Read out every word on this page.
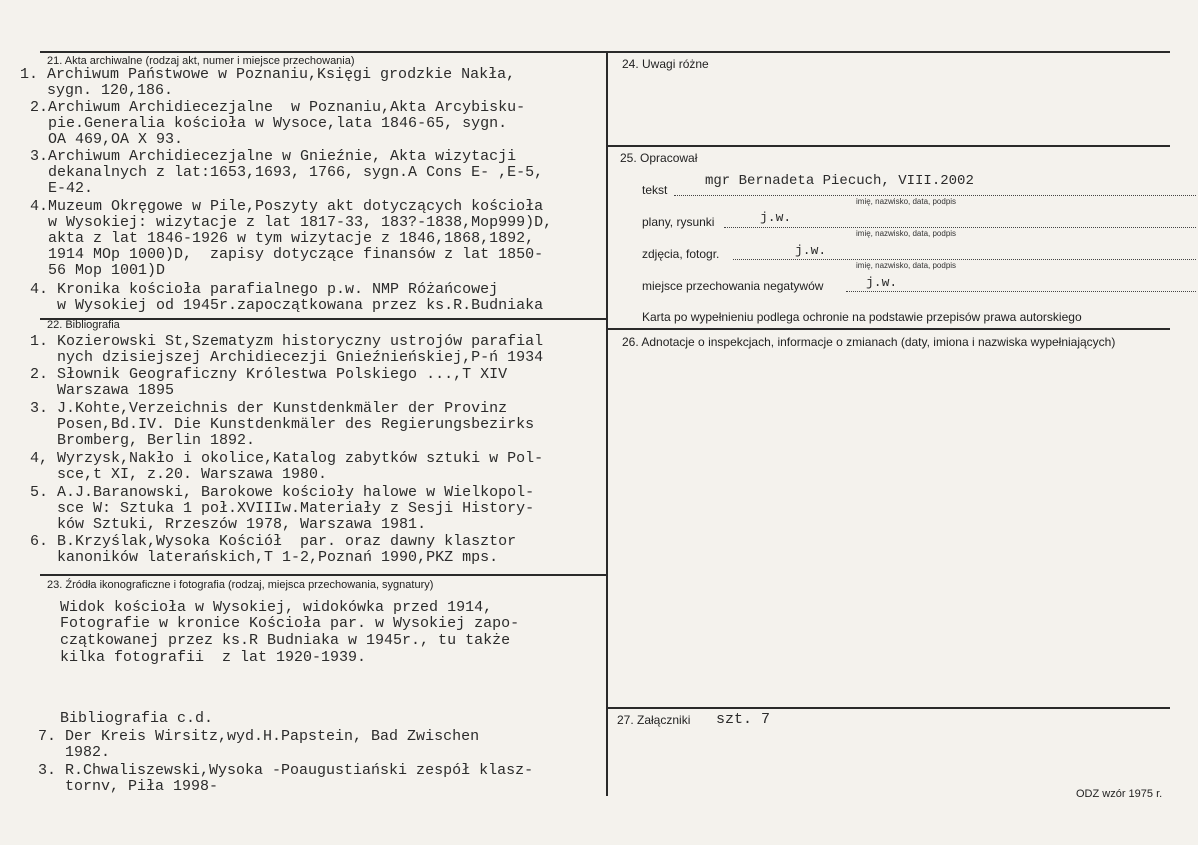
21. Akta archiwalne (rodzaj akt, numer i miejsce przechowania)
1. Archiwum Państwowe w Poznaniu,Księgi grodzkie Nakła,
sygn. 120,186.
2.Archiwum Archidiecezjalne  w Poznaniu,Akta Arcybisku-
pie.Generalia kościoła w Wysoce,lata 1846-65, sygn.
OA 469,OA X 93.
3.Archiwum Archidiecezjalne w Gnieźnie, Akta wizytacji
dekanalnych z lat:1653,1693, 1766, sygn.A Cons E- ,E-5,
E-42.
4.Muzeum Okręgowe w Pile,Poszyty akt dotyczących kościoła
w Wysokiej: wizytacje z lat 1817-33, 183?-1838,Mop999)D,
akta z lat 1846-1926 w tym wizytacje z 1846,1868,1892,
1914 MOp 1000)D,  zapisy dotyczące finansów z lat 1850-
56 Mop 1001)D
4. Kronika kościoła parafialnego p.w. NMP Różańcowej
w Wysokiej od 1945r.zapoczątkowana przez ks.R.Budniaka
22. Bibliografia
1. Kozierowski St,Szematyzm historyczny ustrojów parafial
nych dzisiejszej Archidiecezji Gnieźnieńskiej,P-ń 1934
2. Słownik Geograficzny Królestwa Polskiego ...,T XIV
Warszawa 1895
3. J.Kohte,Verzeichnis der Kunstdenkmäler der Provinz
Posen,Bd.IV. Die Kunstdenkmäler des Regierungsbezirks
Bromberg, Berlin 1892.
4, Wyrzysk,Nakło i okolice,Katalog zabytków sztuki w Pol-
sce,t XI, z.20. Warszawa 1980.
5. A.J.Baranowski, Barokowe kościoły halowe w Wielkopol-
sce W: Sztuka 1 poł.XVIIIw.Materiały z Sesji History-
ków Sztuki, Rrzeszów 1978, Warszawa 1981.
6. B.Krzyślak,Wysoka Kościół  par. oraz dawny klasztor
kanoników laterańskich,T 1-2,Poznań 1990,PKZ mps.
23. Źródła ikonograficzne i fotografia (rodzaj, miejsca przechowania, sygnatury)
Widok kościoła w Wysokiej, widokówka przed 1914,
Fotografie w kronice Kościoła par. w Wysokiej zapo-
czątkowanej przez ks.R Budniaka w 1945r., tu także
kilka fotografii  z lat 1920-1939.
Bibliografia c.d.
7. Der Kreis Wirsitz,wyd.H.Papstein, Bad Zwischen
1982.
3. R.Chwaliszewski,Wysoka -Poaugustiański zespół klasz-
tornv, Piła 1998-
24. Uwagi różne
25. Opracował
tekst
mgr Bernadeta Piecuch, VIII.2002
imię, nazwisko, data, podpis
plany, rysunki	j.w.
imię, nazwisko, data, podpis
zdjęcia, fotogr.	j.w.
imię, nazwisko, data, podpis
miejsce przechowania negatywów	j.w.
Karta po wypełnieniu podlega ochronie na podstawie przepisów prawa autorskiego
26. Adnotacje o inspekcjach, informacje o zmianach (daty, imiona i nazwiska wypełniających)
27. Załączniki szt. 7
ODZ wzór 1975 r.
